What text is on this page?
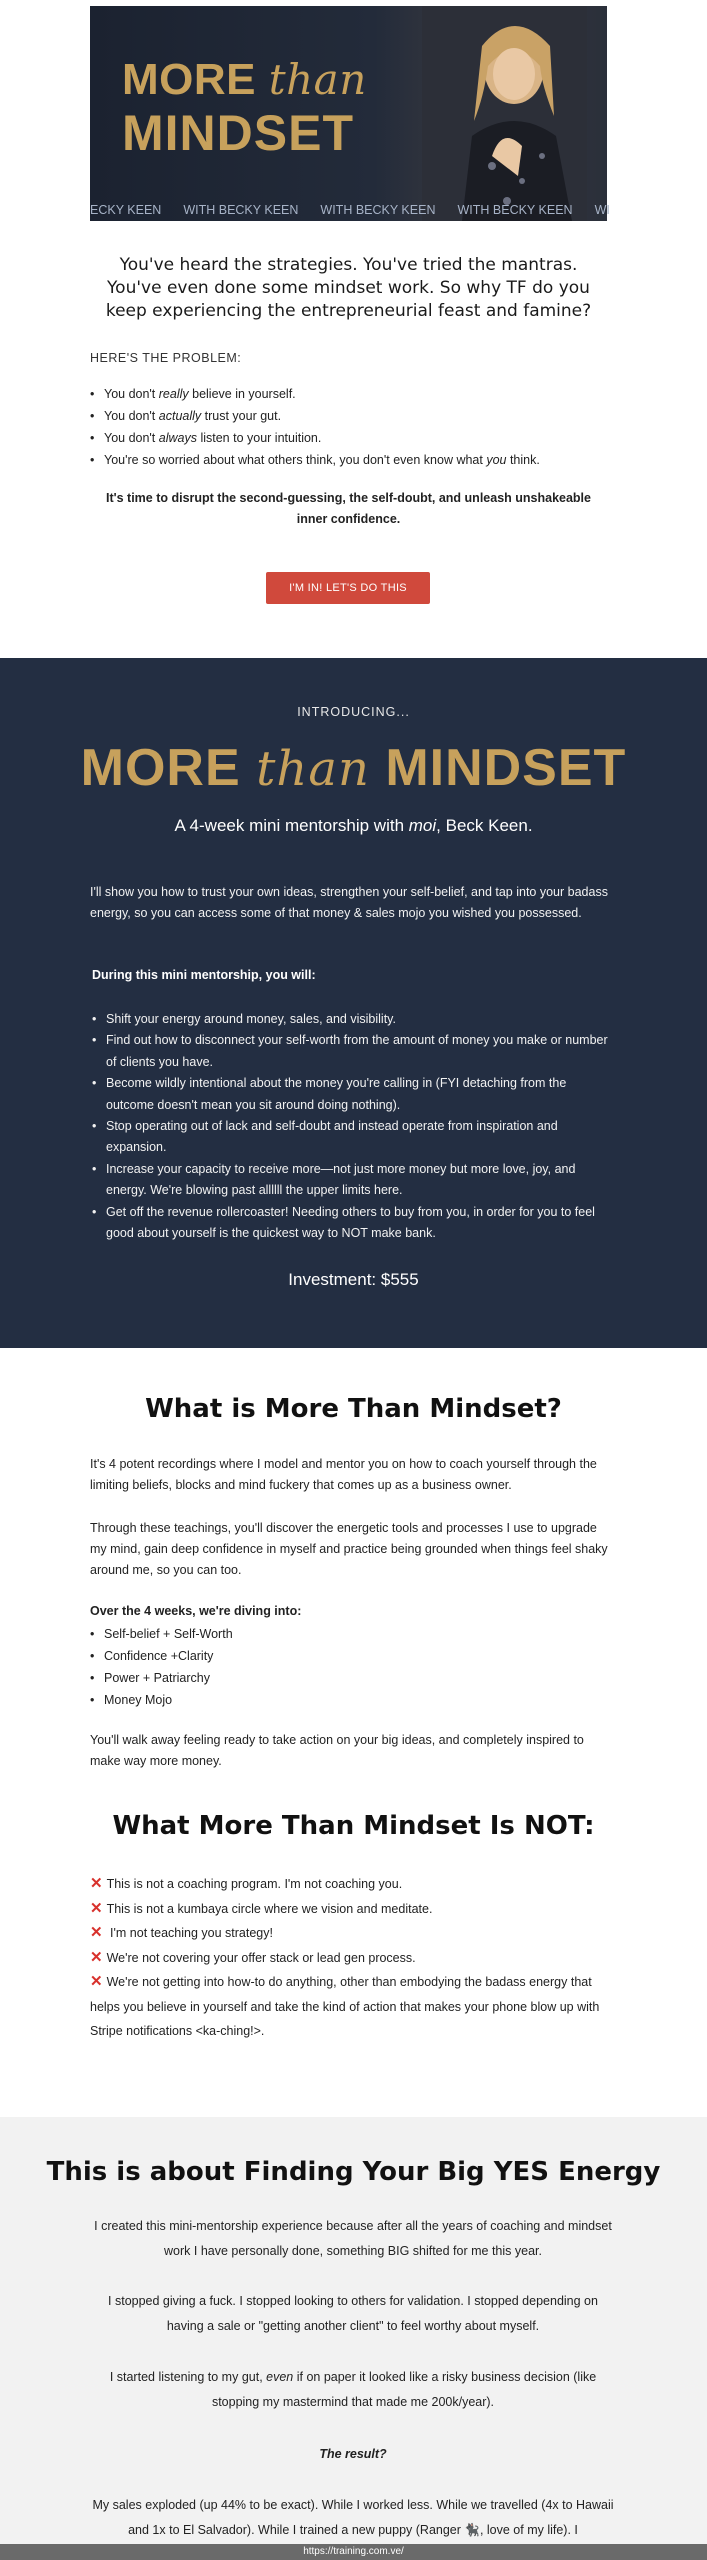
MORE than
MINDSET
ECKY KEEN WITH BECKY KEEN WITH BECKY KEEN WITH BECKY KEEN WI

You've heard the strategies. You've tried the mantras. You've even done some mindset work. So why TF do you keep experiencing the entrepreneurial feast and famine?

HERE'S THE PROBLEM:
• You don't really believe in yourself.
• You don't actually trust your gut.
• You don't always listen to your intuition.
• You're so worried about what others think, you don't even know what you think.

It's time to disrupt the second-guessing, the self-doubt, and unleash unshakeable inner confidence.

I'M IN! LET'S DO THIS
INTRODUCING...
MORE than MINDSET
A 4-week mini mentorship with moi, Beck Keen.

I'll show you how to trust your own ideas, strengthen your self-belief, and tap into your badass energy, so you can access some of that money & sales mojo you wished you possessed.

During this mini mentorship, you will:
• Shift your energy around money, sales, and visibility.
• Find out how to disconnect your self-worth from the amount of money you make or number of clients you have.
• Become wildly intentional about the money you're calling in (FYI detaching from the outcome doesn't mean you sit around doing nothing).
• Stop operating out of lack and self-doubt and instead operate from inspiration and expansion.
• Increase your capacity to receive more—not just more money but more love, joy, and energy. We're blowing past allllll the upper limits here.
• Get off the revenue rollercoaster! Needing others to buy from you, in order for you to feel good about yourself is the quickest way to NOT make bank.
Investment: $555
What is More Than Mindset?

It's 4 potent recordings where I model and mentor you on how to coach yourself through the limiting beliefs, blocks and mind fuckery that comes up as a business owner.

Through these teachings, you'll discover the energetic tools and processes I use to upgrade my mind, gain deep confidence in myself and practice being grounded when things feel shaky around me, so you can too.

Over the 4 weeks, we're diving into:
• Self-belief + Self-Worth
• Confidence +Clarity
• Power + Patriarchy
• Money Mojo

You'll walk away feeling ready to take action on your big ideas, and completely inspired to make way more money.

What More Than Mindset Is NOT:
✕ This is not a coaching program. I'm not coaching you.
✕ This is not a kumbaya circle where we vision and meditate.
✕ I'm not teaching you strategy!
✕ We're not covering your offer stack or lead gen process.
✕ We're not getting into how-to do anything, other than embodying the badass energy that helps you believe in yourself and take the kind of action that makes your phone blow up with Stripe notifications <ka-ching!>.
This is about Finding Your Big YES Energy

I created this mini-mentorship experience because after all the years of coaching and mindset work I have personally done, something BIG shifted for me this year.

I stopped giving a fuck. I stopped looking to others for validation. I stopped depending on having a sale or "getting another client" to feel worthy about myself.

I started listening to my gut, even if on paper it looked like a risky business decision (like stopping my mastermind that made me 200k/year).

The result?

My sales exploded (up 44% to be exact). While I worked less. While we travelled (4x to Hawaii and 1x to El Salvador). While I trained a new puppy (Ranger 🐈‍⬛, love of my life). I

https://training.com.ve/
